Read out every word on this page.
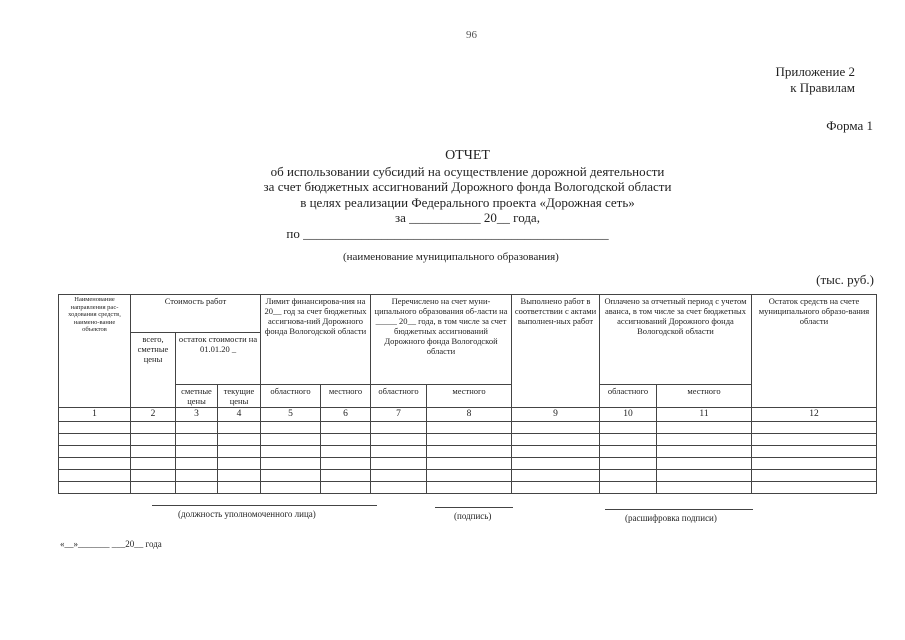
96
Приложение 2
к Правилам
Форма 1
ОТЧЕТ
об использовании субсидий на осуществление дорожной деятельности
за счет бюджетных ассигнований Дорожного фонда Вологодской области
в целях реализации Федерального проекта «Дорожная сеть»
за ___________ 20__ года,
по _______________________________________________
(наименование муниципального образования)
(тыс. руб.)
Наименование направления рас-ходования средств, наимено-вание объектов	Стоимость работ			Лимит финансирова-ния на 20__ год за счет бюджетных ассигнова-ний Дорожного фонда Вологодской области		Перечислено на счет муни-ципального образования об-ласти на _____ 20__ года, в том числе за счет бюджетных ассигнований Дорожного фонда Вологодской области		Выполнено работ в соответствии с актами выполнен-ных работ	Оплачено за отчетный период с учетом аванса, в том числе за счет бюджетных ассигнований Дорожного фонда Вологодской области		Остаток средств на счете муниципального образо-вания области
	всего, сметные цены	остаток стоимости на 01.01.20 _									
		сметные цены	текущие цены	областного	местного	областного	местного		областного	местного	
1	2	3	4	5	6	7	8	9	10	11	12

(должность уполномоченного лица)	(подпись)	(расшифровка подписи)
«__»_______ ___20__ года
